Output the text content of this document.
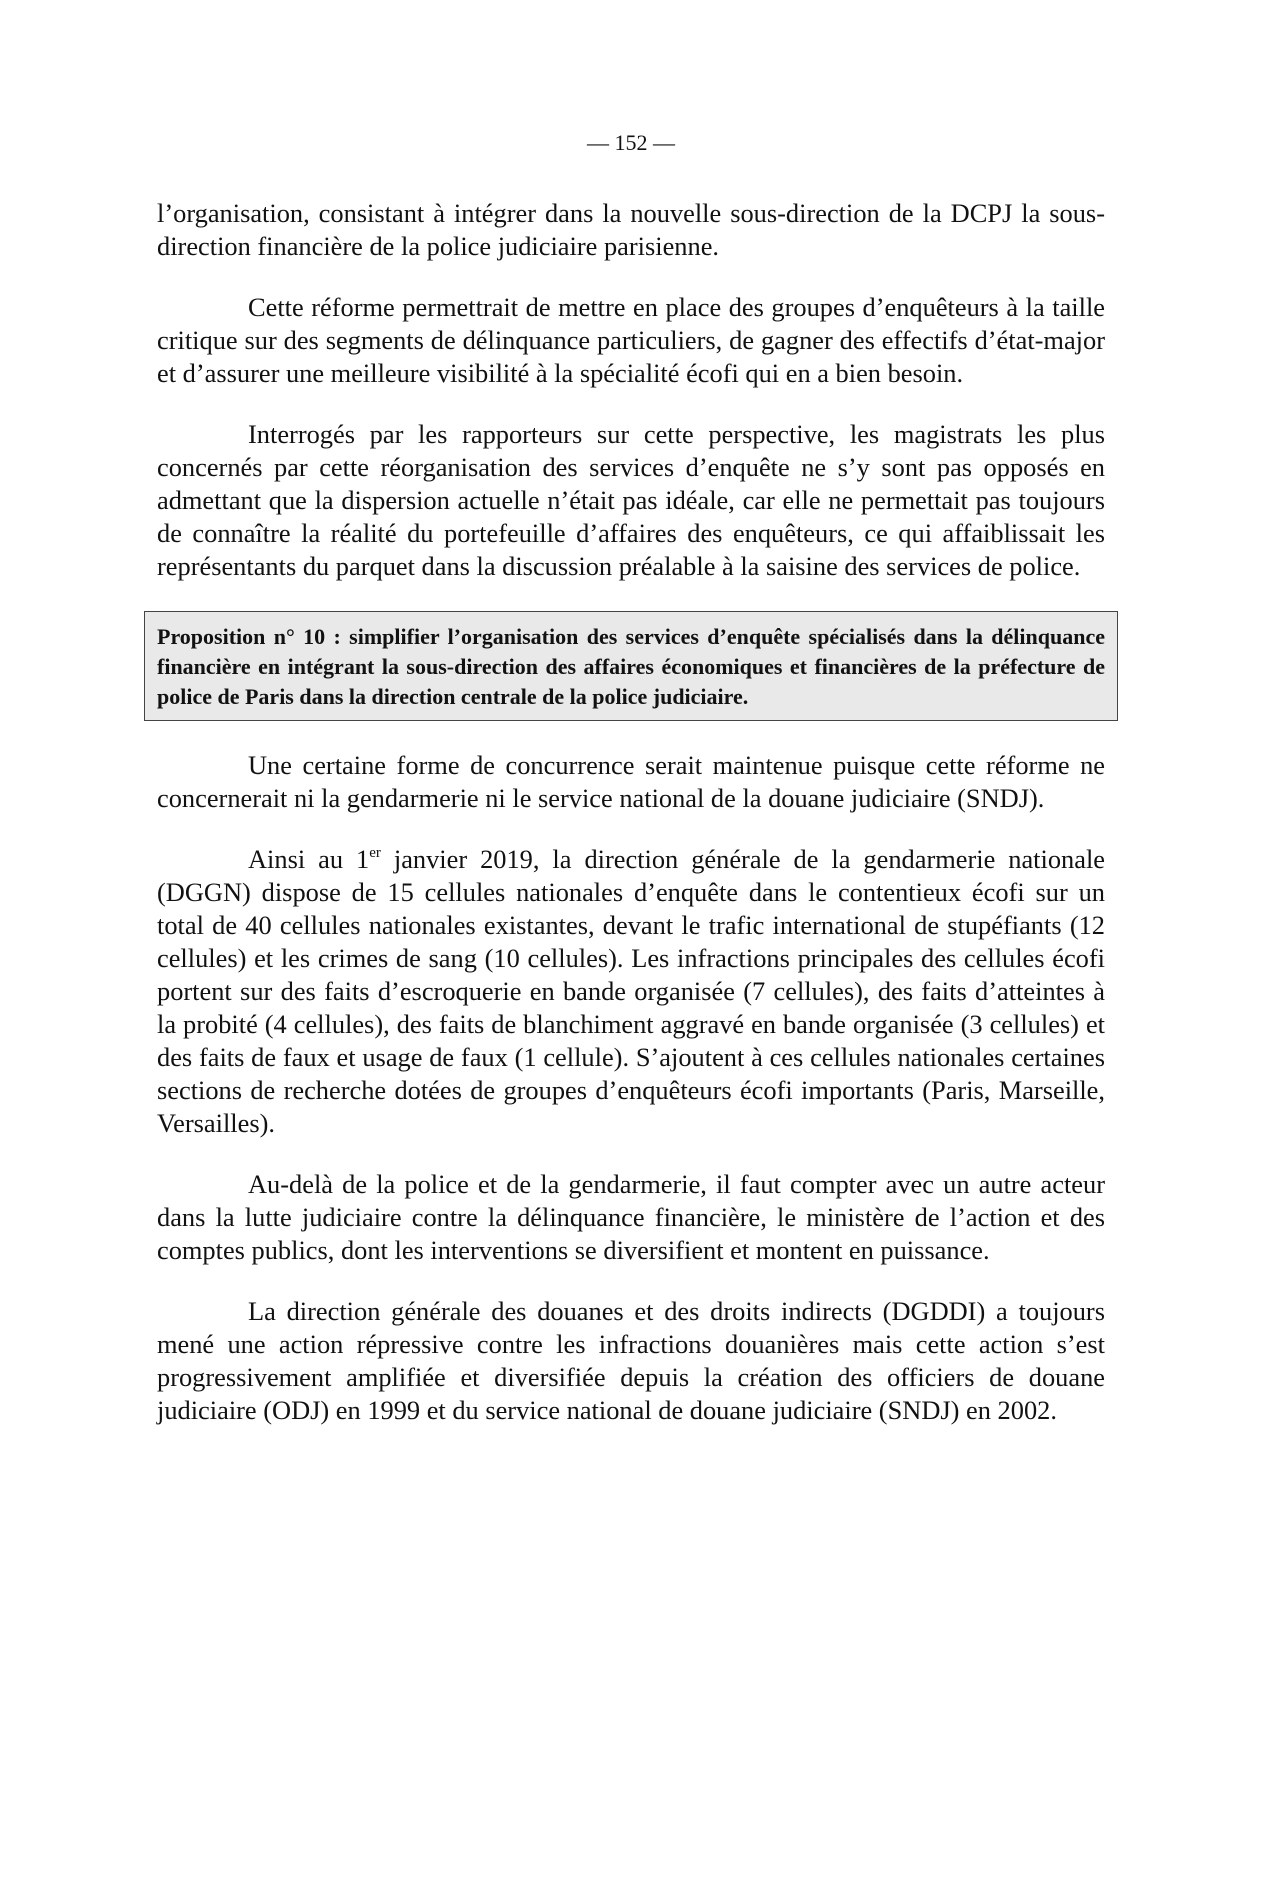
— 152 —

l’organisation, consistant à intégrer dans la nouvelle sous-direction de la DCPJ la sous-direction financière de la police judiciaire parisienne.

Cette réforme permettrait de mettre en place des groupes d’enquêteurs à la taille critique sur des segments de délinquance particuliers, de gagner des effectifs d’état-major et d’assurer une meilleure visibilité à la spécialité écofi qui en a bien besoin.

Interrogés par les rapporteurs sur cette perspective, les magistrats les plus concernés par cette réorganisation des services d’enquête ne s’y sont pas opposés en admettant que la dispersion actuelle n’était pas idéale, car elle ne permettait pas toujours de connaître la réalité du portefeuille d’affaires des enquêteurs, ce qui affaiblissait les représentants du parquet dans la discussion préalable à la saisine des services de police.

Proposition n° 10 : simplifier l’organisation des services d’enquête spécialisés dans la délinquance financière en intégrant la sous-direction des affaires économiques et financières de la préfecture de police de Paris dans la direction centrale de la police judiciaire.

Une certaine forme de concurrence serait maintenue puisque cette réforme ne concernerait ni la gendarmerie ni le service national de la douane judiciaire (SNDJ).

Ainsi au 1er janvier 2019, la direction générale de la gendarmerie nationale (DGGN) dispose de 15 cellules nationales d’enquête dans le contentieux écofi sur un total de 40 cellules nationales existantes, devant le trafic international de stupéfiants (12 cellules) et les crimes de sang (10 cellules). Les infractions principales des cellules écofi portent sur des faits d’escroquerie en bande organisée (7 cellules), des faits d’atteintes à la probité (4 cellules), des faits de blanchiment aggravé en bande organisée (3 cellules) et des faits de faux et usage de faux (1 cellule). S’ajoutent à ces cellules nationales certaines sections de recherche dotées de groupes d’enquêteurs écofi importants (Paris, Marseille, Versailles).

Au-delà de la police et de la gendarmerie, il faut compter avec un autre acteur dans la lutte judiciaire contre la délinquance financière, le ministère de l’action et des comptes publics, dont les interventions se diversifient et montent en puissance.

La direction générale des douanes et des droits indirects (DGDDI) a toujours mené une action répressive contre les infractions douanières mais cette action s’est progressivement amplifiée et diversifiée depuis la création des officiers de douane judiciaire (ODJ) en 1999 et du service national de douane judiciaire (SNDJ) en 2002.
